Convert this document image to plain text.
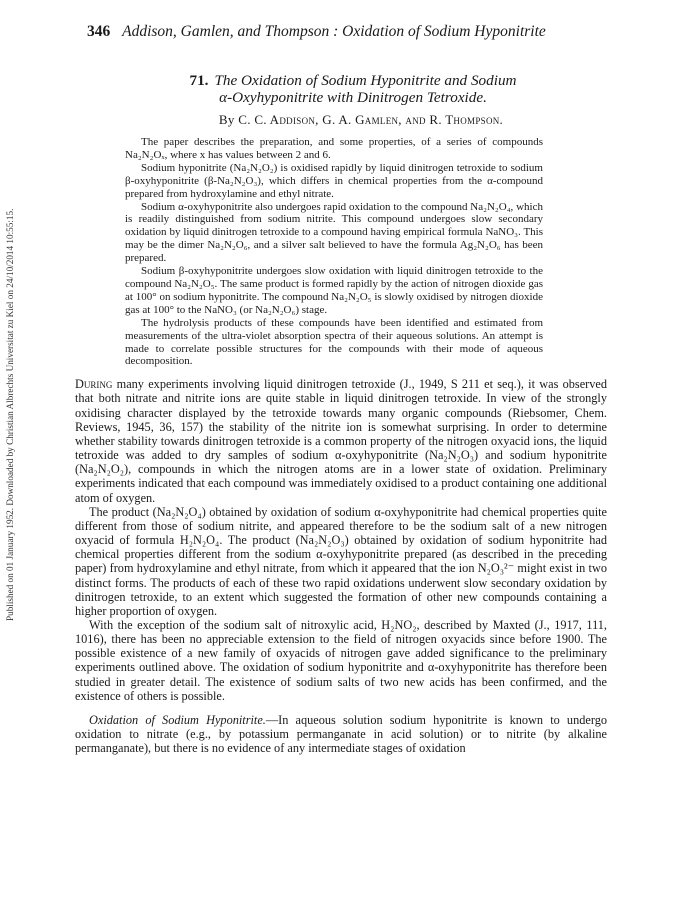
Published on 01 January 1952. Downloaded by Christian Albrechts Universitat zu Kiel on 24/10/2014 10:55:15.
346 Addison, Gamlen, and Thompson : Oxidation of Sodium Hyponitrite
71. The Oxidation of Sodium Hyponitrite and Sodium
α-Oxyhyponitrite with Dinitrogen Tetroxide.
By C. C. Addison, G. A. Gamlen, and R. Thompson.

The paper describes the preparation, and some properties, of a series of compounds Na₂N₂Oₓ, where x has values between 2 and 6.

Sodium hyponitrite (Na₂N₂O₂) is oxidised rapidly by liquid dinitrogen tetroxide to sodium β-oxyhyponitrite (β-Na₂N₂O₃), which differs in chemical properties from the α-compound prepared from hydroxylamine and ethyl nitrate.

Sodium α-oxyhyponitrite also undergoes rapid oxidation to the compound Na₂N₂O₄, which is readily distinguished from sodium nitrite. This compound undergoes slow secondary oxidation by liquid dinitrogen tetroxide to a compound having empirical formula NaNO₃. This may be the dimer Na₂N₂O₆, and a silver salt believed to have the formula Ag₂N₂O₆ has been prepared.

Sodium β-oxyhyponitrite undergoes slow oxidation with liquid dinitrogen tetroxide to the compound Na₂N₂O₅. The same product is formed rapidly by the action of nitrogen dioxide gas at 100° on sodium hyponitrite. The compound Na₂N₂O₅ is slowly oxidised by nitrogen dioxide gas at 100° to the NaNO₃ (or Na₂N₂O₆) stage.

The hydrolysis products of these compounds have been identified and estimated from measurements of the ultra-violet absorption spectra of their aqueous solutions. An attempt is made to correlate possible structures for the compounds with their mode of aqueous decomposition.

During many experiments involving liquid dinitrogen tetroxide (J., 1949, S 211 et seq.), it was observed that both nitrate and nitrite ions are quite stable in liquid dinitrogen tetroxide. In view of the strongly oxidising character displayed by the tetroxide towards many organic compounds (Riebsomer, Chem. Reviews, 1945, 36, 157) the stability of the nitrite ion is somewhat surprising. In order to determine whether stability towards dinitrogen tetroxide is a common property of the nitrogen oxyacid ions, the liquid tetroxide was added to dry samples of sodium α-oxyhyponitrite (Na₂N₂O₃) and sodium hyponitrite (Na₂N₂O₂), compounds in which the nitrogen atoms are in a lower state of oxidation. Preliminary experiments indicated that each compound was immediately oxidised to a product containing one additional atom of oxygen.

The product (Na₂N₂O₄) obtained by oxidation of sodium α-oxyhyponitrite had chemical properties quite different from those of sodium nitrite, and appeared therefore to be the sodium salt of a new nitrogen oxyacid of formula H₂N₂O₄. The product (Na₂N₂O₃) obtained by oxidation of sodium hyponitrite had chemical properties different from the sodium α-oxyhyponitrite prepared (as described in the preceding paper) from hydroxylamine and ethyl nitrate, from which it appeared that the ion N₂O₃²⁻ might exist in two distinct forms. The products of each of these two rapid oxidations underwent slow secondary oxidation by dinitrogen tetroxide, to an extent which suggested the formation of other new compounds containing a higher proportion of oxygen.

With the exception of the sodium salt of nitroxylic acid, H₂NO₂, described by Maxted (J., 1917, 111, 1016), there has been no appreciable extension to the field of nitrogen oxyacids since before 1900. The possible existence of a new family of oxyacids of nitrogen gave added significance to the preliminary experiments outlined above. The oxidation of sodium hyponitrite and α-oxyhyponitrite has therefore been studied in greater detail. The existence of sodium salts of two new acids has been confirmed, and the existence of others is possible.

Oxidation of Sodium Hyponitrite.—In aqueous solution sodium hyponitrite is known to undergo oxidation to nitrate (e.g., by potassium permanganate in acid solution) or to nitrite (by alkaline permanganate), but there is no evidence of any intermediate stages of oxidation
